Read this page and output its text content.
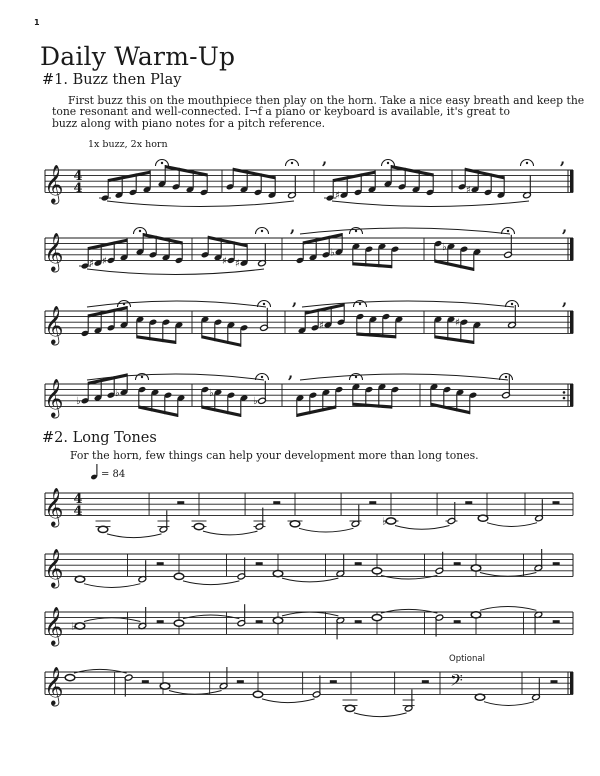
𝄞 4
4
♯
♯
,	,
𝄞	♯ ♯	♯ ♯
♭
♭
,	,
𝄞	♯	♯
,	,
𝄞 ♭
♭	♭
♭
,
𝄞 4
4
♭
𝄞
𝄞 ♭
𝄞	𝄢
1
Daily Warm-Up
#1. Buzz then Play
First buzz this on the mouthpiece then play on the horn. Take a nice easy breath and keep the
tone resonant and well-connected. I¬f a piano or keyboard is available, it's great to
buzz along with piano notes for a pitch reference.
1x buzz, 2x horn
#2. Long Tones
For the horn, few things can help your development more than long tones.
= 84
Optional
